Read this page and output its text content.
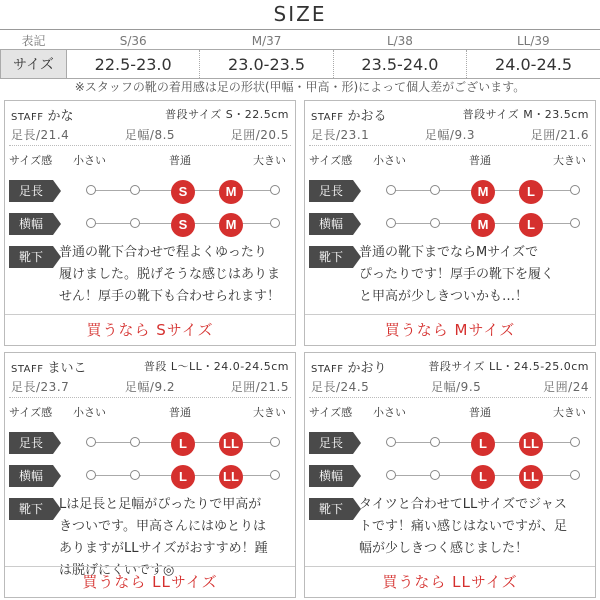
SIZE
表記	S/36	M/37	L/38	LL/39
サイズ	22.5-23.0	23.0-23.5	23.5-24.0	24.0-24.5
※スタッフの靴の着用感は足の形状(甲幅・甲高・形)によって個人差がございます。
STAFF かな	普段サイズ S・22.5cm
足長/21.4	足幅/8.5	足囲/20.5
サイズ感 小さい	普通	大きい
足長	S	M
横幅	S	M
靴下	普通の靴下合わせで程よくゆったり
履けました。脱げそうな感じはありま
せん！厚手の靴下も合わせられます！
買うなら Sサイズ
STAFF かおる	普段サイズ M・23.5cm
足長/23.1	足幅/9.3	足囲/21.6
サイズ感 小さい	普通	大きい
足長	M	L
横幅	M	L
靴下	普通の靴下までならMサイズで
ぴったりです！厚手の靴下を履く
と甲高が少しきついかも…！
買うなら Mサイズ
STAFF まいこ	普段 L～LL・24.0-24.5cm
足長/23.7	足幅/9.2	足囲/21.5
サイズ感 小さい	普通	大きい
足長	L	LL
横幅	L	LL
靴下	Lは足長と足幅がぴったりで甲高が
きついです。甲高さんにはゆとりは
ありますがLLサイズがおすすめ！踵
は脱げにくいです◎
買うなら LLサイズ
STAFF かおり	普段サイズ LL・24.5-25.0cm
足長/24.5	足幅/9.5	足囲/24
サイズ感 小さい	普通	大きい
足長	L	LL
横幅	L	LL
靴下	タイツと合わせてLLサイズでジャス
トです！痛い感じはないですが、足
幅が少しきつく感じました！
買うなら LLサイズ
